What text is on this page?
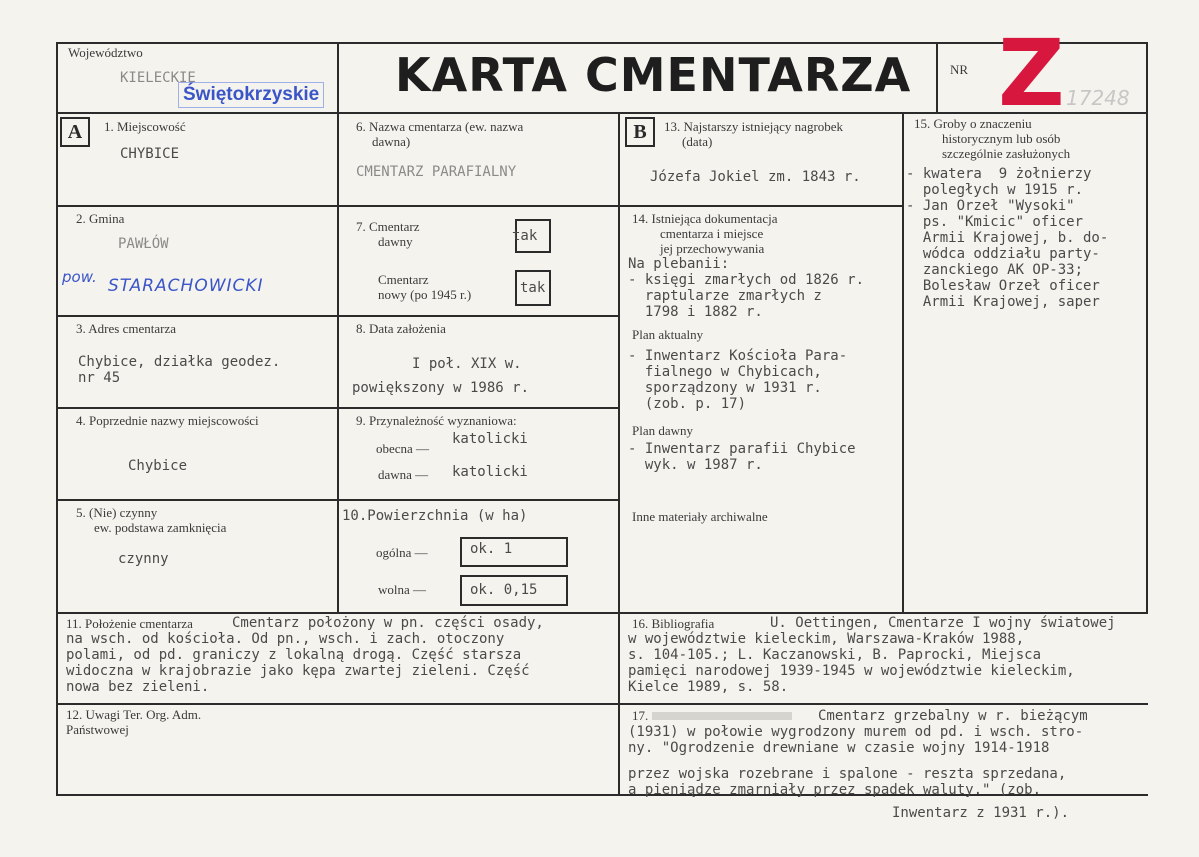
Województwo
KIELECKIE
Świętokrzyskie KARTA CMENTARZA	NR Z 17248
A	1. Miejscowość
CHYBICE
2. Gmina
PAWŁÓW
pow. STARACHOWICKI
3. Adres cmentarza
Chybice, działka geodez.
nr 45
4. Poprzednie nazwy miejscowości
Chybice
5. (Nie) czynny
ew. podstawa zamknięcia
czynny
6. Nazwa cmentarza (ew. nazwa
dawna)
CMENTARZ PARAFIALNY
7. Cmentarz
dawny	tak
Cmentarz
nowy (po 1945 r.)	tak
8. Data założenia
I poł. XIX w.
powiększony w 1986 r.
9. Przynależność wyznaniowa:
obecna —
katolicki
dawna — katolicki
10.Powierzchnia (w ha)
ogólna —	ok. 1
wolna —	ok. 0,15
B	13. Najstarszy istniejący nagrobek
(data)
Józefa Jokiel zm. 1843 r.
14. Istniejąca dokumentacja
cmentarza i miejsce
jej przechowywania
Na plebanii:
- księgi zmarłych od 1826 r.
raptularze zmarłych z
1798 i 1882 r.
Plan aktualny
- Inwentarz Kościoła Para-
fialnego w Chybicach,
sporządzony w 1931 r.
(zob. p. 17)
Plan dawny
- Inwentarz parafii Chybice
wyk. w 1987 r.
Inne materiały archiwalne
15. Groby o znaczeniu
historycznym lub osób
szczególnie zasłużonych
- kwatera  9 żołnierzy
poległych w 1915 r.
- Jan Orzeł "Wysoki"
ps. "Kmicic" oficer
Armii Krajowej, b. do-
wódca oddziału party-
zanckiego AK OP-33;
Bolesław Orzeł oficer
Armii Krajowej, saper
11. Położenie cmentarza	Cmentarz położony w pn. części osady,
na wsch. od kościoła. Od pn., wsch. i zach. otoczony
polami, od pd. graniczy z lokalną drogą. Część starsza
widoczna w krajobrazie jako kępa zwartej zieleni. Część
nowa bez zieleni.
16. Bibliografia	U. Oettingen, Cmentarze I wojny światowej
w województwie kieleckim, Warszawa-Kraków 1988,
s. 104-105.; L. Kaczanowski, B. Paprocki, Miejsca
pamięci narodowej 1939-1945 w województwie kieleckim,
Kielce 1989, s. 58.
12. Uwagi Ter. Org. Adm.
Państwowej
17.	Cmentarz grzebalny w r. bieżącym
(1931) w połowie wygrodzony murem od pd. i wsch. stro-
ny. "Ogrodzenie drewniane w czasie wojny 1914-1918
przez wojska rozebrane i spalone - reszta sprzedana,
a pieniądze zmarniały przez spadek waluty." (zob.
Inwentarz z 1931 r.).
